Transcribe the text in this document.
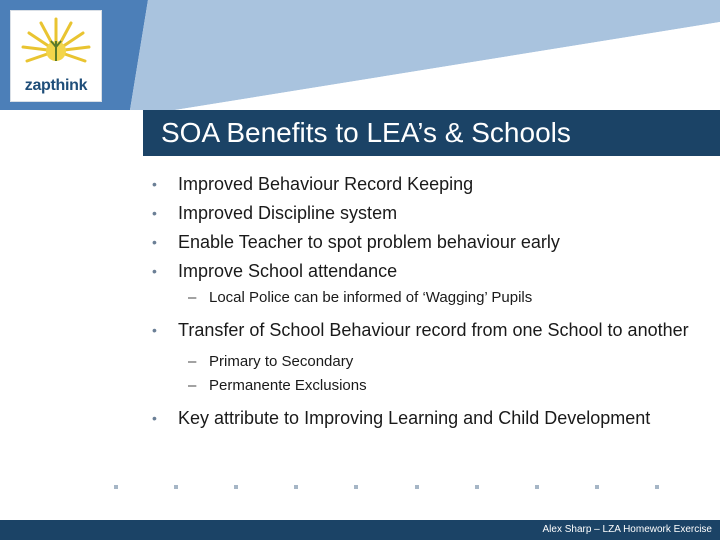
zapthink
SOA Benefits to LEA’s & Schools
• Improved Behaviour Record Keeping
• Improved Discipline system
• Enable Teacher to spot problem behaviour early
• Improve School attendance
– Local Police can be informed of ‘Wagging’ Pupils
• Transfer of School Behaviour record from one School to another
– Primary to Secondary
– Permanente Exclusions
• Key attribute to Improving Learning and Child Development
Alex Sharp – LZA Homework Exercise
